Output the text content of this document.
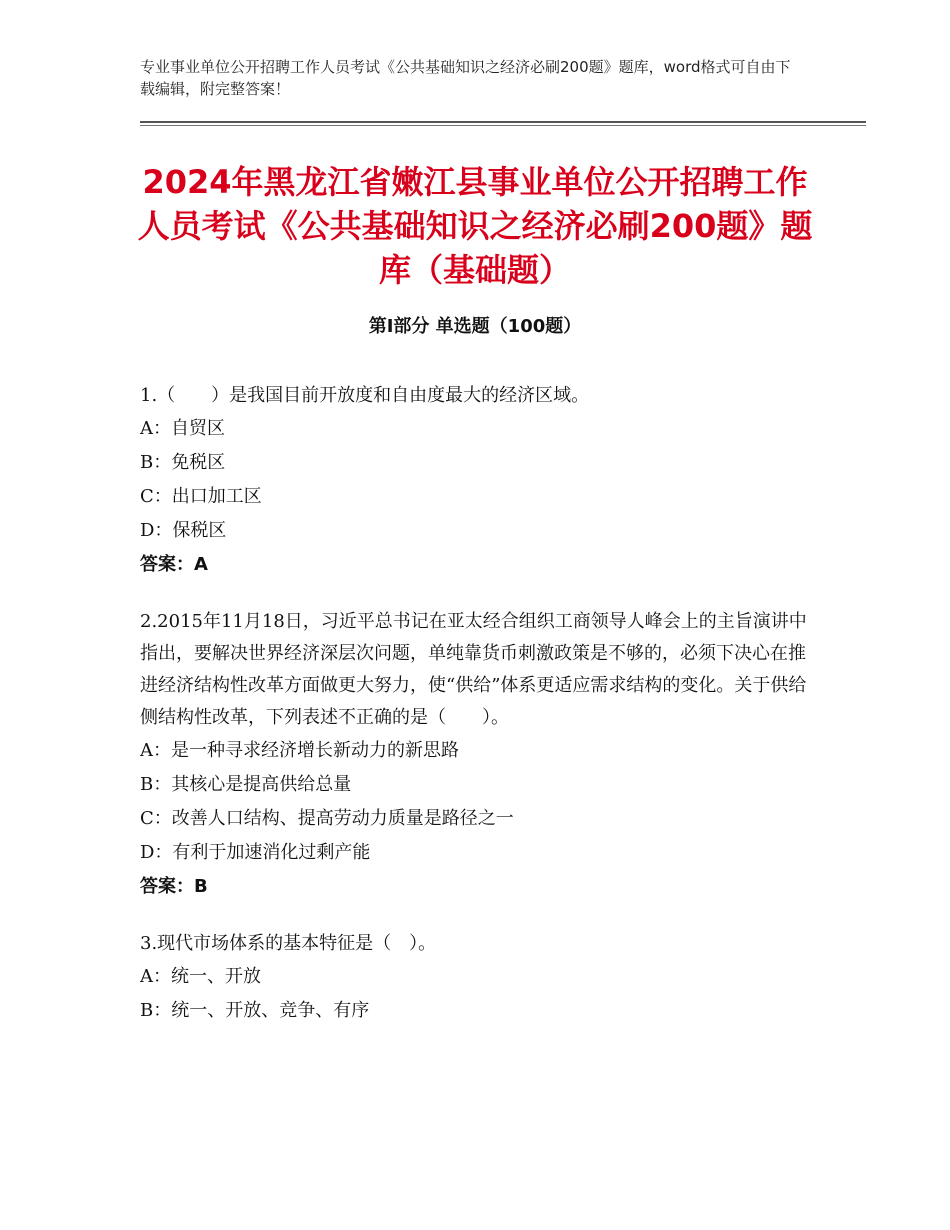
专业事业单位公开招聘工作人员考试《公共基础知识之经济必刷200题》题库，word格式可自由下载编辑，附完整答案！
2024年黑龙江省嫩江县事业单位公开招聘工作人员考试《公共基础知识之经济必刷200题》题库（基础题）
第Ⅰ部分 单选题（100题）
1.（　　）是我国目前开放度和自由度最大的经济区域。
A：自贸区
B：免税区
C：出口加工区
D：保税区
答案：A
2.2015年11月18日，习近平总书记在亚太经合组织工商领导人峰会上的主旨演讲中指出，要解决世界经济深层次问题，单纯靠货币刺激政策是不够的，必须下决心在推进经济结构性改革方面做更大努力，使“供给”体系更适应需求结构的变化。关于供给侧结构性改革，下列表述不正确的是（　　）。
A：是一种寻求经济增长新动力的新思路
B：其核心是提高供给总量
C：改善人口结构、提高劳动力质量是路径之一
D：有利于加速消化过剩产能
答案：B
3.现代市场体系的基本特征是（　）。
A：统一、开放
B：统一、开放、竞争、有序
